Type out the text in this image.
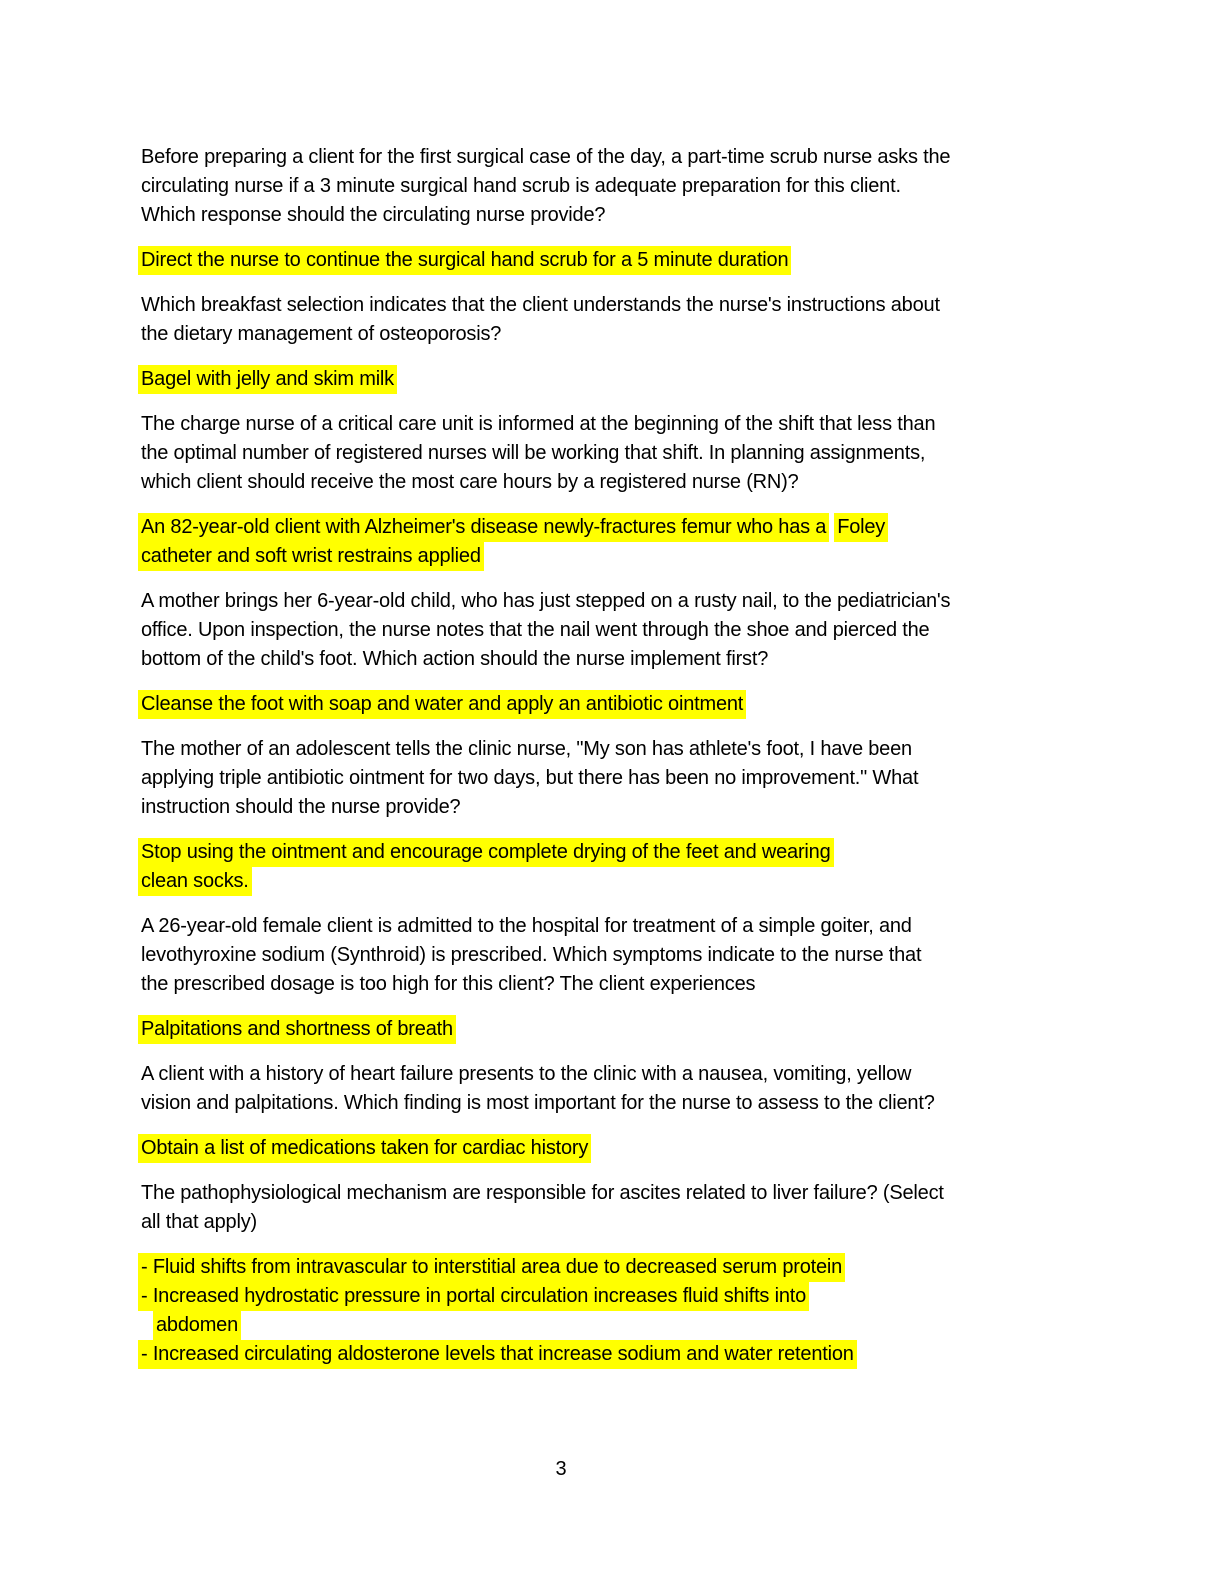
Before preparing a client for the first surgical case of the day, a part-time scrub nurse asks the
circulating nurse if a 3 minute surgical hand scrub is adequate preparation for this client.
Which response should the circulating nurse provide?
Direct the nurse to continue the surgical hand scrub for a 5 minute duration
Which breakfast selection indicates that the client understands the nurse's instructions about
the dietary management of osteoporosis?
Bagel with jelly and skim milk
The charge nurse of a critical care unit is informed at the beginning of the shift that less than
the optimal number of registered nurses will be working that shift. In planning assignments,
which client should receive the most care hours by a registered nurse (RN)?
An 82-year-old client with Alzheimer's disease newly-fractures femur who has a Foley
catheter and soft wrist restrains applied
A mother brings her 6-year-old child, who has just stepped on a rusty nail, to the pediatrician's
office. Upon inspection, the nurse notes that the nail went through the shoe and pierced the
bottom of the child's foot. Which action should the nurse implement first?
Cleanse the foot with soap and water and apply an antibiotic ointment
The mother of an adolescent tells the clinic nurse, "My son has athlete's foot, I have been
applying triple antibiotic ointment for two days, but there has been no improvement." What
instruction should the nurse provide?
Stop using the ointment and encourage complete drying of the feet and wearing
clean socks.
A 26-year-old female client is admitted to the hospital for treatment of a simple goiter, and
levothyroxine sodium (Synthroid) is prescribed. Which symptoms indicate to the nurse that
the prescribed dosage is too high for this client? The client experiences
Palpitations and shortness of breath
A client with a history of heart failure presents to the clinic with a nausea, vomiting, yellow
vision and palpitations. Which finding is most important for the nurse to assess to the client?
Obtain a list of medications taken for cardiac history
The pathophysiological mechanism are responsible for ascites related to liver failure? (Select
all that apply)
- Fluid shifts from intravascular to interstitial area due to decreased serum protein
- Increased hydrostatic pressure in portal circulation increases fluid shifts into
abdomen
- Increased circulating aldosterone levels that increase sodium and water retention
3
